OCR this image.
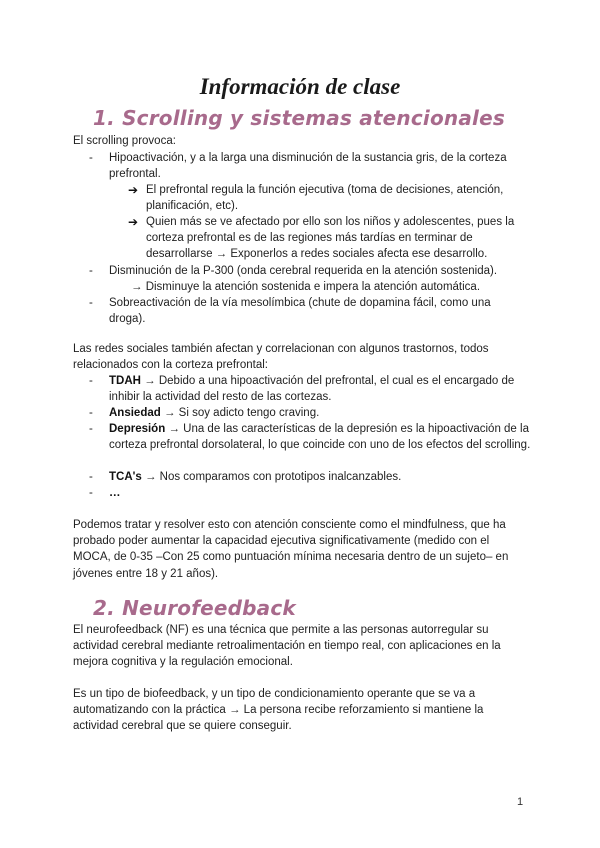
Información de clase
1. Scrolling y sistemas atencionales

El scrolling provoca:

- Hipoactivación, y a la larga una disminución de la sustancia gris, de la corteza prefrontal.

➔ El prefrontal regula la función ejecutiva (toma de decisiones, atención, planificación, etc).

➔ Quien más se ve afectado por ello son los niños y adolescentes, pues la corteza prefrontal es de las regiones más tardías en terminar de desarrollarse → Exponerlos a redes sociales afecta ese desarrollo.

- Disminución de la P-300 (onda cerebral requerida en la atención sostenida).

→ Disminuye la atención sostenida e impera la atención automática.

- Sobreactivación de la vía mesolímbica (chute de dopamina fácil, como una droga).

Las redes sociales también afectan y correlacionan con algunos trastornos, todos relacionados con la corteza prefrontal:

- TDAH → Debido a una hipoactivación del prefrontal, el cual es el encargado de inhibir la actividad del resto de las cortezas.

- Ansiedad → Si soy adicto tengo craving.

- Depresión → Una de las características de la depresión es la hipoactivación de la corteza prefrontal dorsolateral, lo que coincide con uno de los efectos del scrolling.

- TCA's → Nos comparamos con prototipos inalcanzables.

- …

Podemos tratar y resolver esto con atención consciente como el mindfulness, que ha probado poder aumentar la capacidad ejecutiva significativamente (medido con el MOCA, de 0-35 –Con 25 como puntuación mínima necesaria dentro de un sujeto– en jóvenes entre 18 y 21 años).

2. Neurofeedback

El neurofeedback (NF) es una técnica que permite a las personas autorregular su actividad cerebral mediante retroalimentación en tiempo real, con aplicaciones en la mejora cognitiva y la regulación emocional.

Es un tipo de biofeedback, y un tipo de condicionamiento operante que se va a automatizando con la práctica → La persona recibe reforzamiento si mantiene la actividad cerebral que se quiere conseguir.

1
